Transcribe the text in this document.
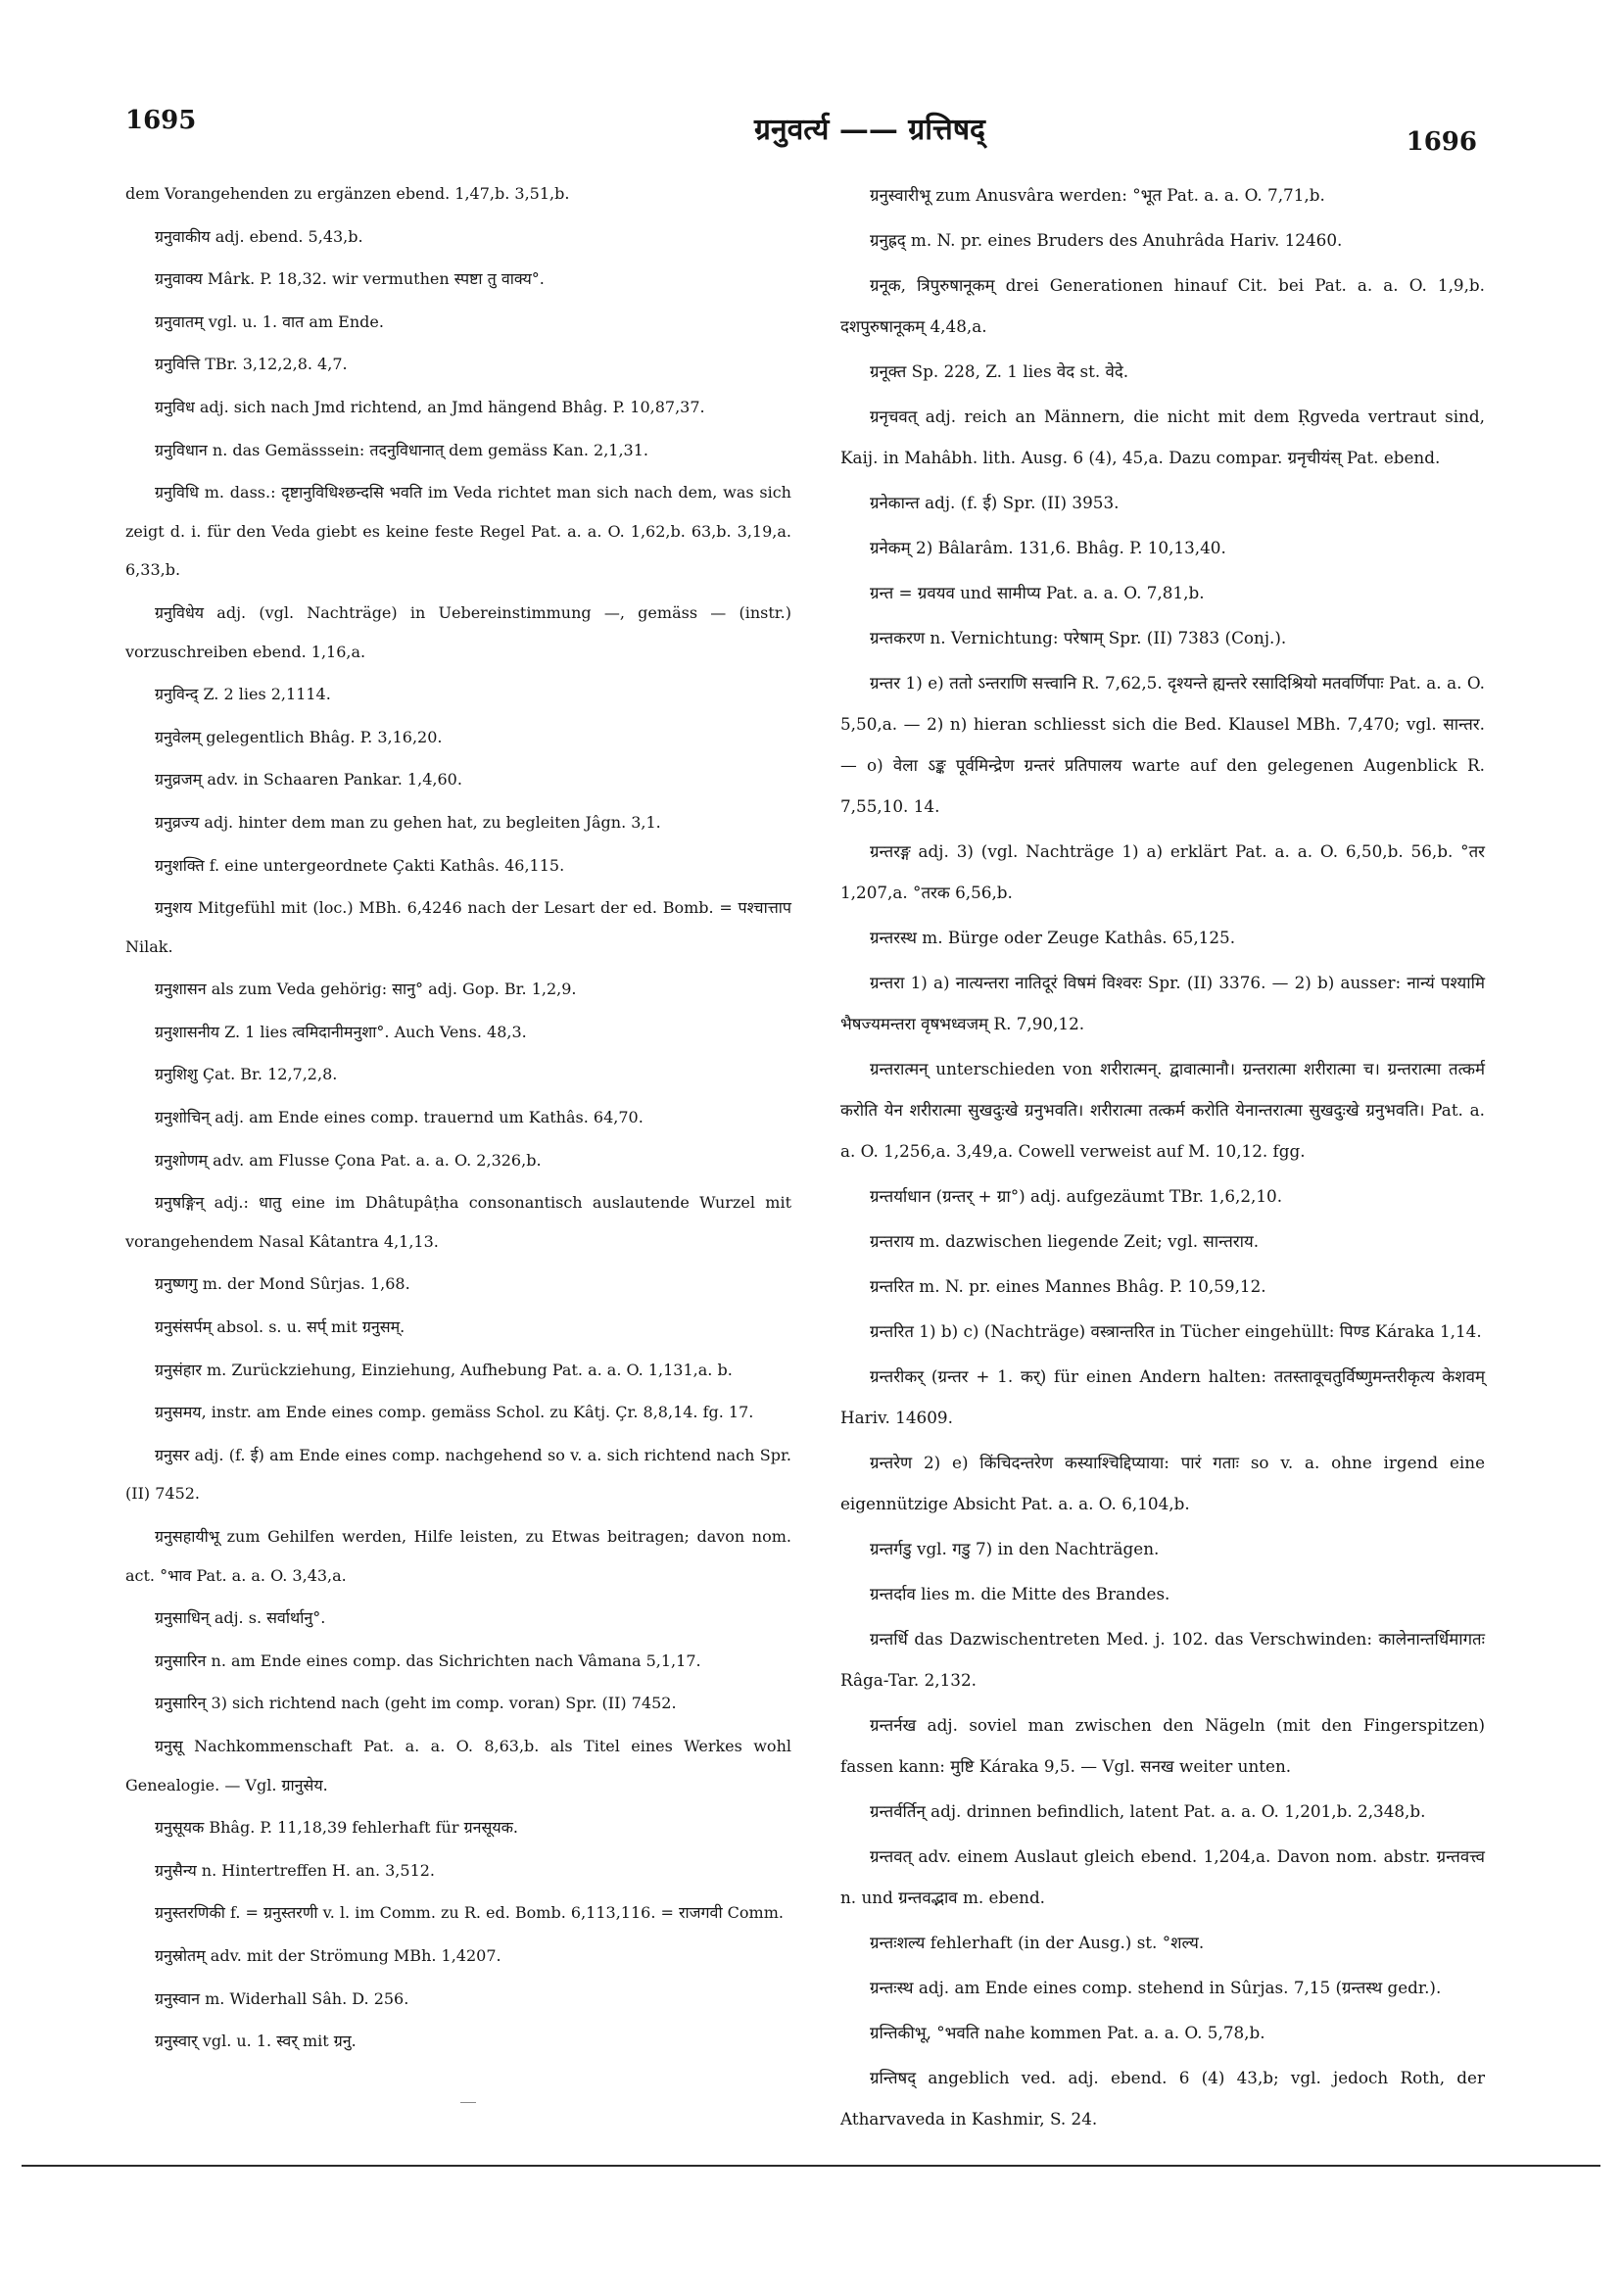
1695	ग्रनुवर्त्य —— ग्रत्तिषद्	1696

dem Vorangehenden zu ergänzen ebend. 1,47,b. 3,51,b.

ग्रनुवाकीय adj. ebend. 5,43,b.

ग्रनुवाक्य Mârk. P. 18,32. wir vermuthen स्पष्टा तु वाक्य°.

ग्रनुवातम् vgl. u. 1. वात am Ende.

ग्रनुवित्ति TBr. 3,12,2,8. 4,7.

ग्रनुविध adj. sich nach Jmd richtend, an Jmd hängend Bhâg. P. 10,87,37.

ग्रनुविधान n. das Gemässsein: तदनुविधानात् dem gemäss Kan. 2,1,31.

ग्रनुविधि m. dass.: दृष्टानुविधिश्छन्दसि भवति im Veda richtet man sich nach dem, was sich zeigt d. i. für den Veda giebt es keine feste Regel Pat. a. a. O. 1,62,b. 63,b. 3,19,a. 6,33,b.

ग्रनुविधेय adj. (vgl. Nachträge) in Uebereinstimmung —, gemäss — (instr.) vorzuschreiben ebend. 1,16,a.

ग्रनुविन्द् Z. 2 lies 2,1114.

ग्रनुवेलम् gelegentlich Bhâg. P. 3,16,20.

ग्रनुव्रजम् adv. in Schaaren Pankar. 1,4,60.

ग्रनुव्रज्य adj. hinter dem man zu gehen hat, zu begleiten Jâgn. 3,1.

ग्रनुशक्ति f. eine untergeordnete Çakti Kathâs. 46,115.

ग्रनुशय Mitgefühl mit (loc.) MBh. 6,4246 nach der Lesart der ed. Bomb. = पश्चात्ताप Nilak.

ग्रनुशासन als zum Veda gehörig: सानु° adj. Gop. Br. 1,2,9.

ग्रनुशासनीय Z. 1 lies त्वमिदानीमनुशा°. Auch Vens. 48,3.

ग्रनुशिशु Çat. Br. 12,7,2,8.

ग्रनुशोचिन् adj. am Ende eines comp. trauernd um Kathâs. 64,70.

ग्रनुशोणम् adv. am Flusse Çona Pat. a. a. O. 2,326,b.

ग्रनुषङ्गिन् adj.: धातु eine im Dhâtupâṭha consonantisch auslautende Wurzel mit vorangehendem Nasal Kâtantra 4,1,13.

ग्रनुष्णगु m. der Mond Sûrjas. 1,68.

ग्रनुसंसर्पम् absol. s. u. सर्प् mit ग्रनुसम्.

ग्रनुसंहार m. Zurückziehung, Einziehung, Aufhebung Pat. a. a. O. 1,131,a. b.

ग्रनुसमय, instr. am Ende eines comp. gemäss Schol. zu Kâtj. Çr. 8,8,14. fg. 17.

ग्रनुसर adj. (f. ई) am Ende eines comp. nachgehend so v. a. sich richtend nach Spr. (II) 7452.

ग्रनुसहायीभू zum Gehilfen werden, Hilfe leisten, zu Etwas beitragen; davon nom. act. °भाव Pat. a. a. O. 3,43,a.

ग्रनुसाधिन् adj. s. सर्वार्थानु°.

ग्रनुसारिन n. am Ende eines comp. das Sichrichten nach Vâmana 5,1,17.

ग्रनुसारिन् 3) sich richtend nach (geht im comp. voran) Spr. (II) 7452.

ग्रनुसू Nachkommenschaft Pat. a. a. O. 8,63,b. als Titel eines Werkes wohl Genealogie. — Vgl. ग्रानुसेय.

ग्रनुसूयक Bhâg. P. 11,18,39 fehlerhaft für ग्रनसूयक.

ग्रनुसैन्य n. Hintertreffen H. an. 3,512.

ग्रनुस्तरणिकी f. = ग्रनुस्तरणी v. l. im Comm. zu R. ed. Bomb. 6,113,116. = राजगवी Comm.

ग्रनुस्रोतम् adv. mit der Strömung MBh. 1,4207.

ग्रनुस्वान m. Widerhall Sâh. D. 256.

ग्रनुस्वार् vgl. u. 1. स्वर् mit ग्रनु.

ग्रनुस्वारीभू zum Anusvâra werden: °भूत Pat. a. a. O. 7,71,b.

ग्रनुह्रद् m. N. pr. eines Bruders des Anuhrâda Hariv. 12460.

ग्रनूक, त्रिपुरुषानूकम् drei Generationen hinauf Cit. bei Pat. a. a. O. 1,9,b. दशपुरुषानूकम् 4,48,a.

ग्रनूक्त Sp. 228, Z. 1 lies वेद st. वेदे.

ग्रनृचवत् adj. reich an Männern, die nicht mit dem Ṛgveda vertraut sind, Kaij. in Mahâbh. lith. Ausg. 6 (4), 45,a. Dazu compar. ग्रनृचीयंस् Pat. ebend.

ग्रनेकान्त adj. (f. ई) Spr. (II) 3953.

ग्रनेकम् 2) Bâlarâm. 131,6. Bhâg. P. 10,13,40.

ग्रन्त = ग्रवयव und सामीप्य Pat. a. a. O. 7,81,b.

ग्रन्तकरण n. Vernichtung: परेषाम् Spr. (II) 7383 (Conj.).

ग्रन्तर 1) e) ततो ऽन्तराणि सत्त्वानि R. 7,62,5. दृश्यन्ते ह्यन्तरे रसादिश्रियो मतवर्णिपाः Pat. a. a. O. 5,50,a. — 2) n) hieran schliesst sich die Bed. Klausel MBh. 7,470; vgl. सान्तर. — o) वेला ऽङ्क पूर्वमिन्द्रेण ग्रन्तरं प्रतिपालय warte auf den gelegenen Augenblick R. 7,55,10. 14.

ग्रन्तरङ्ग adj. 3) (vgl. Nachträge 1) a) erklärt Pat. a. a. O. 6,50,b. 56,b. °तर 1,207,a. °तरक 6,56,b.

ग्रन्तरस्थ m. Bürge oder Zeuge Kathâs. 65,125.

ग्रन्तरा 1) a) नात्यन्तरा नातिदूरं विषमं विश्वरः Spr. (II) 3376. — 2) b) ausser: नान्यं पश्यामि भैषज्यमन्तरा वृषभध्वजम् R. 7,90,12.

ग्रन्तरात्मन् unterschieden von शरीरात्मन्. द्वावात्मानौ। ग्रन्तरात्मा शरीरात्मा च। ग्रन्तरात्मा तत्कर्म करोति येन शरीरात्मा सुखदुःखे ग्रनुभवति। शरीरात्मा तत्कर्म करोति येनान्तरात्मा सुखदुःखे ग्रनुभवति। Pat. a. a. O. 1,256,a. 3,49,a. Cowell verweist auf M. 10,12. fgg.

ग्रन्तर्याधान (ग्रन्तर् + ग्रा°) adj. aufgezäumt TBr. 1,6,2,10.

ग्रन्तराय m. dazwischen liegende Zeit; vgl. सान्तराय.

ग्रन्तरित m. N. pr. eines Mannes Bhâg. P. 10,59,12.

ग्रन्तरित 1) b) c) (Nachträge) वस्त्रान्तरित in Tücher eingehüllt: पिण्ड Káraka 1,14.

ग्रन्तरीकर् (ग्रन्तर + 1. कर्) für einen Andern halten: ततस्तावूचतुर्विष्णुमन्तरीकृत्य केशवम् Hariv. 14609.

ग्रन्तरेण 2) e) किंचिदन्तरेण कस्याश्चिद्दिप्याया: पारं गताः so v. a. ohne irgend eine eigennützige Absicht Pat. a. a. O. 6,104,b.

ग्रन्तर्गडु vgl. गडु 7) in den Nachträgen.

ग्रन्तर्दाव lies m. die Mitte des Brandes.

ग्रन्तर्धि das Dazwischentreten Med. j. 102. das Verschwinden: कालेनान्तर्धिमागतः Râga-Tar. 2,132.

ग्रन्तर्नख adj. soviel man zwischen den Nägeln (mit den Fingerspitzen) fassen kann: मुष्टि Káraka 9,5. — Vgl. सनख weiter unten.

ग्रन्तर्वर्तिन् adj. drinnen befindlich, latent Pat. a. a. O. 1,201,b. 2,348,b.

ग्रन्तवत् adv. einem Auslaut gleich ebend. 1,204,a. Davon nom. abstr. ग्रन्तवत्त्व n. und ग्रन्तवद्भाव m. ebend.

ग्रन्तःशल्य fehlerhaft (in der Ausg.) st. °शल्य.

ग्रन्तःस्थ adj. am Ende eines comp. stehend in Sûrjas. 7,15 (ग्रन्तस्थ gedr.).

ग्रन्तिकीभू, °भवति nahe kommen Pat. a. a. O. 5,78,b.

ग्रन्तिषद् angeblich ved. adj. ebend. 6 (4) 43,b; vgl. jedoch Roth, der Atharvaveda in Kashmir, S. 24.
